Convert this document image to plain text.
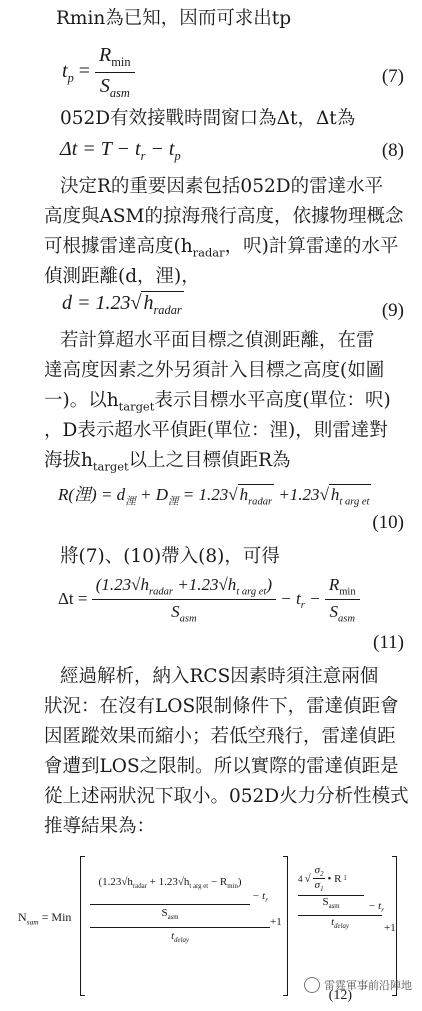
Rmin為已知，因而可求出tp
$t_p = \frac{R_{min}}{S_{asm}}$	(7)
052D有效接戰時間窗口為Δt，Δt為
$\Delta t = T - t_r - t_p$	(8)
決定R的重要因素包括052D的雷達水平
高度與ASM的掠海飛行高度，依據物理概念
可根據雷達高度($h_{radar}$，呎)計算雷達的水平
偵測距離(d，浬)，
d = 1.23√ $h_{radar}$	(9)
若計算超水平面目標之偵測距離，在雷
達高度因素之外另須計入目標之高度(如圖
一)。以$h_{target}$表示目標水平高度(單位：呎)
，D表示超水平偵距(單位：浬)，則雷達對
海拔$h_{target}$以上之目標偵距R為
R(浬) = $d_浬 + D_浬 = 1.23√$ $h_{radar} +1.23√$ $h_{t arg et}$
(10)
將(7)、(10)帶入(8)，可得
$\Delta t = \frac{(1.23√h_{radar} +1.23√h_{t arg et})}{S_{asm}} - t_r - \frac{R_{min}}{S_{asm}}$
(11)
經過解析，納入RCS因素時須注意兩個
狀況：在沒有LOS限制條件下，雷達偵距會
因匿蹤效果而縮小；若低空飛行，雷達偵距
會遭到LOS之限制。所以實際的雷達偵距是
從上述兩狀況下取小。052D火力分析性模式
推導結果為：
$N_{sam}$ = Min
$(1.23√h_{radar} + 1.23√h_{t arg et} - R_{min})$
− $t_r$
$S_{asm}$
$t_{delay}$
+1
4 √ $\frac{\sigma_2}{\sigma_1}$ • R 1
− $t_r$
$S_{asm}$
$t_{delay}$	+1
(12)
雷霆軍事前沿陣地
